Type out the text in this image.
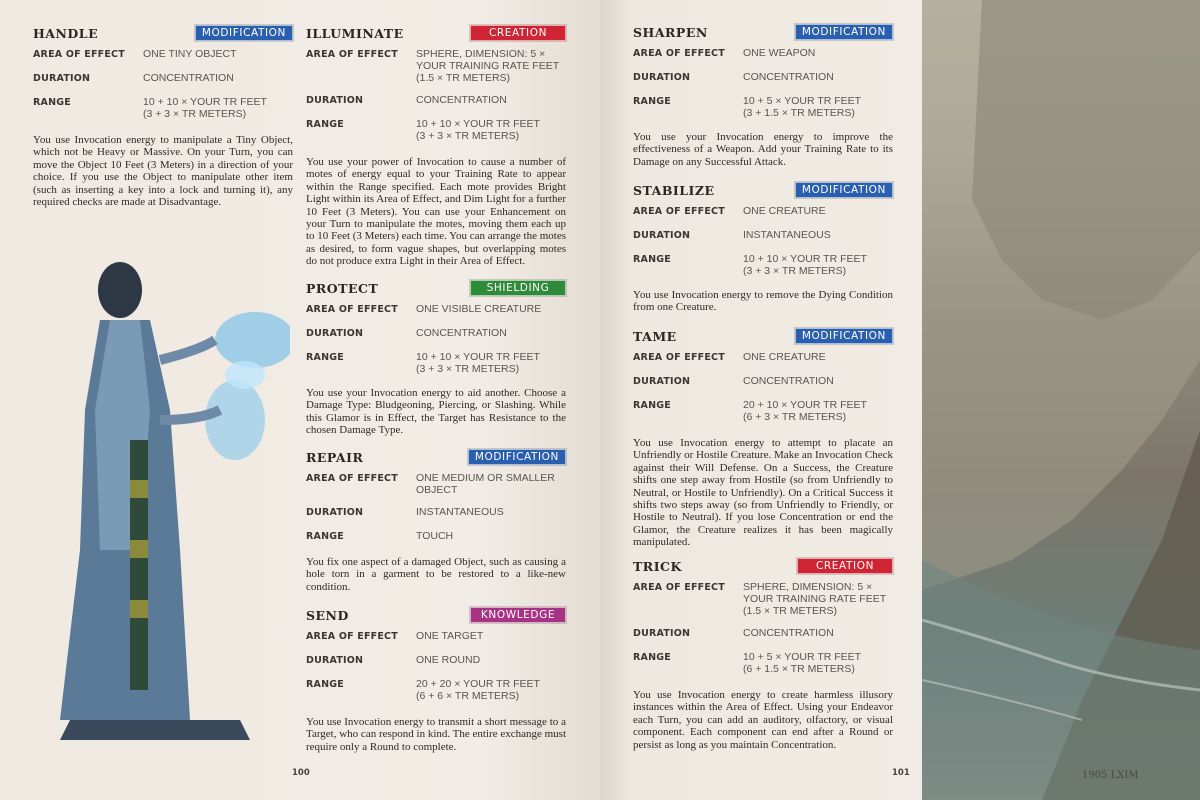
1905 LXIM
HANDLE	MODIFICATION
AREA OF EFFECT	ONE TINY OBJECT
DURATION	CONCENTRATION
RANGE	10 + 10 × YOUR TR FEET
(3 + 3 × TR METERS)
You use Invocation energy to manipulate a Tiny Object, which not be Heavy or Massive. On your Turn, you can move the Object 10 Feet (3 Meters) in a direction of your choice. If you use the Object to manipulate other item (such as inserting a key into a lock and turning it), any required checks are made at Disadvantage.
ILLUMINATE	CREATION
AREA OF EFFECT	SPHERE, DIMENSION: 5 × YOUR TRAINING RATE FEET
(1.5 × TR METERS)
DURATION	CONCENTRATION
RANGE	10 + 10 × YOUR TR FEET
(3 + 3 × TR METERS)
You use your power of Invocation to cause a number of motes of energy equal to your Training Rate to appear within the Range specified. Each mote provides Bright Light within its Area of Effect, and Dim Light for a further 10 Feet (3 Meters). You can use your Enhancement on your Turn to manipulate the motes, moving them each up to 10 Feet (3 Meters) each time. You can arrange the motes as desired, to form vague shapes, but overlapping motes do not produce extra Light in their Area of Effect.
PROTECT	SHIELDING
AREA OF EFFECT	ONE VISIBLE CREATURE
DURATION	CONCENTRATION
RANGE	10 + 10 × YOUR TR FEET
(3 + 3 × TR METERS)
You use your Invocation energy to aid another. Choose a Damage Type: Bludgeoning, Piercing, or Slashing. While this Glamor is in Effect, the Target has Resistance to the chosen Damage Type.
REPAIR	MODIFICATION
AREA OF EFFECT	ONE MEDIUM OR SMALLER OBJECT
DURATION	INSTANTANEOUS
RANGE	TOUCH
You fix one aspect of a damaged Object, such as causing a hole torn in a garment to be restored to a like-new condition.
SEND	KNOWLEDGE
AREA OF EFFECT	ONE TARGET
DURATION	ONE ROUND
RANGE	20 + 20 × YOUR TR FEET
(6 + 6 × TR METERS)
You use Invocation energy to transmit a short message to a Target, who can respond in kind. The entire exchange must require only a Round to complete.
100
SHARPEN	MODIFICATION
AREA OF EFFECT	ONE WEAPON
DURATION	CONCENTRATION
RANGE	10 + 5 × YOUR TR FEET
(3 + 1.5 × TR METERS)
You use your Invocation energy to improve the effectiveness of a Weapon. Add your Training Rate to its Damage on any Successful Attack.
STABILIZE	MODIFICATION
AREA OF EFFECT	ONE CREATURE
DURATION	INSTANTANEOUS
RANGE	10 + 10 × YOUR TR FEET
(3 + 3 × TR METERS)
You use Invocation energy to remove the Dying Condition from one Creature.
TAME	MODIFICATION
AREA OF EFFECT	ONE CREATURE
DURATION	CONCENTRATION
RANGE	20 + 10 × YOUR TR FEET
(6 + 3 × TR METERS)
You use Invocation energy to attempt to placate an Unfriendly or Hostile Creature. Make an Invocation Check against their Will Defense. On a Success, the Creature shifts one step away from Hostile (so from Unfriendly to Neutral, or Hostile to Unfriendly). On a Critical Success it shifts two steps away (so from Unfriendly to Friendly, or Hostile to Neutral). If you lose Concentration or end the Glamor, the Creature realizes it has been magically manipulated.
TRICK	CREATION
AREA OF EFFECT	SPHERE, DIMENSION: 5 × YOUR TRAINING RATE FEET
(1.5 × TR METERS)
DURATION	CONCENTRATION
RANGE	10 + 5 × YOUR TR FEET
(6 + 1.5 × TR METERS)
You use Invocation energy to create harmless illusory instances within the Area of Effect. Using your Endeavor each Turn, you can add an auditory, olfactory, or visual component. Each component can end after a Round or persist as long as you maintain Concentration.
101
